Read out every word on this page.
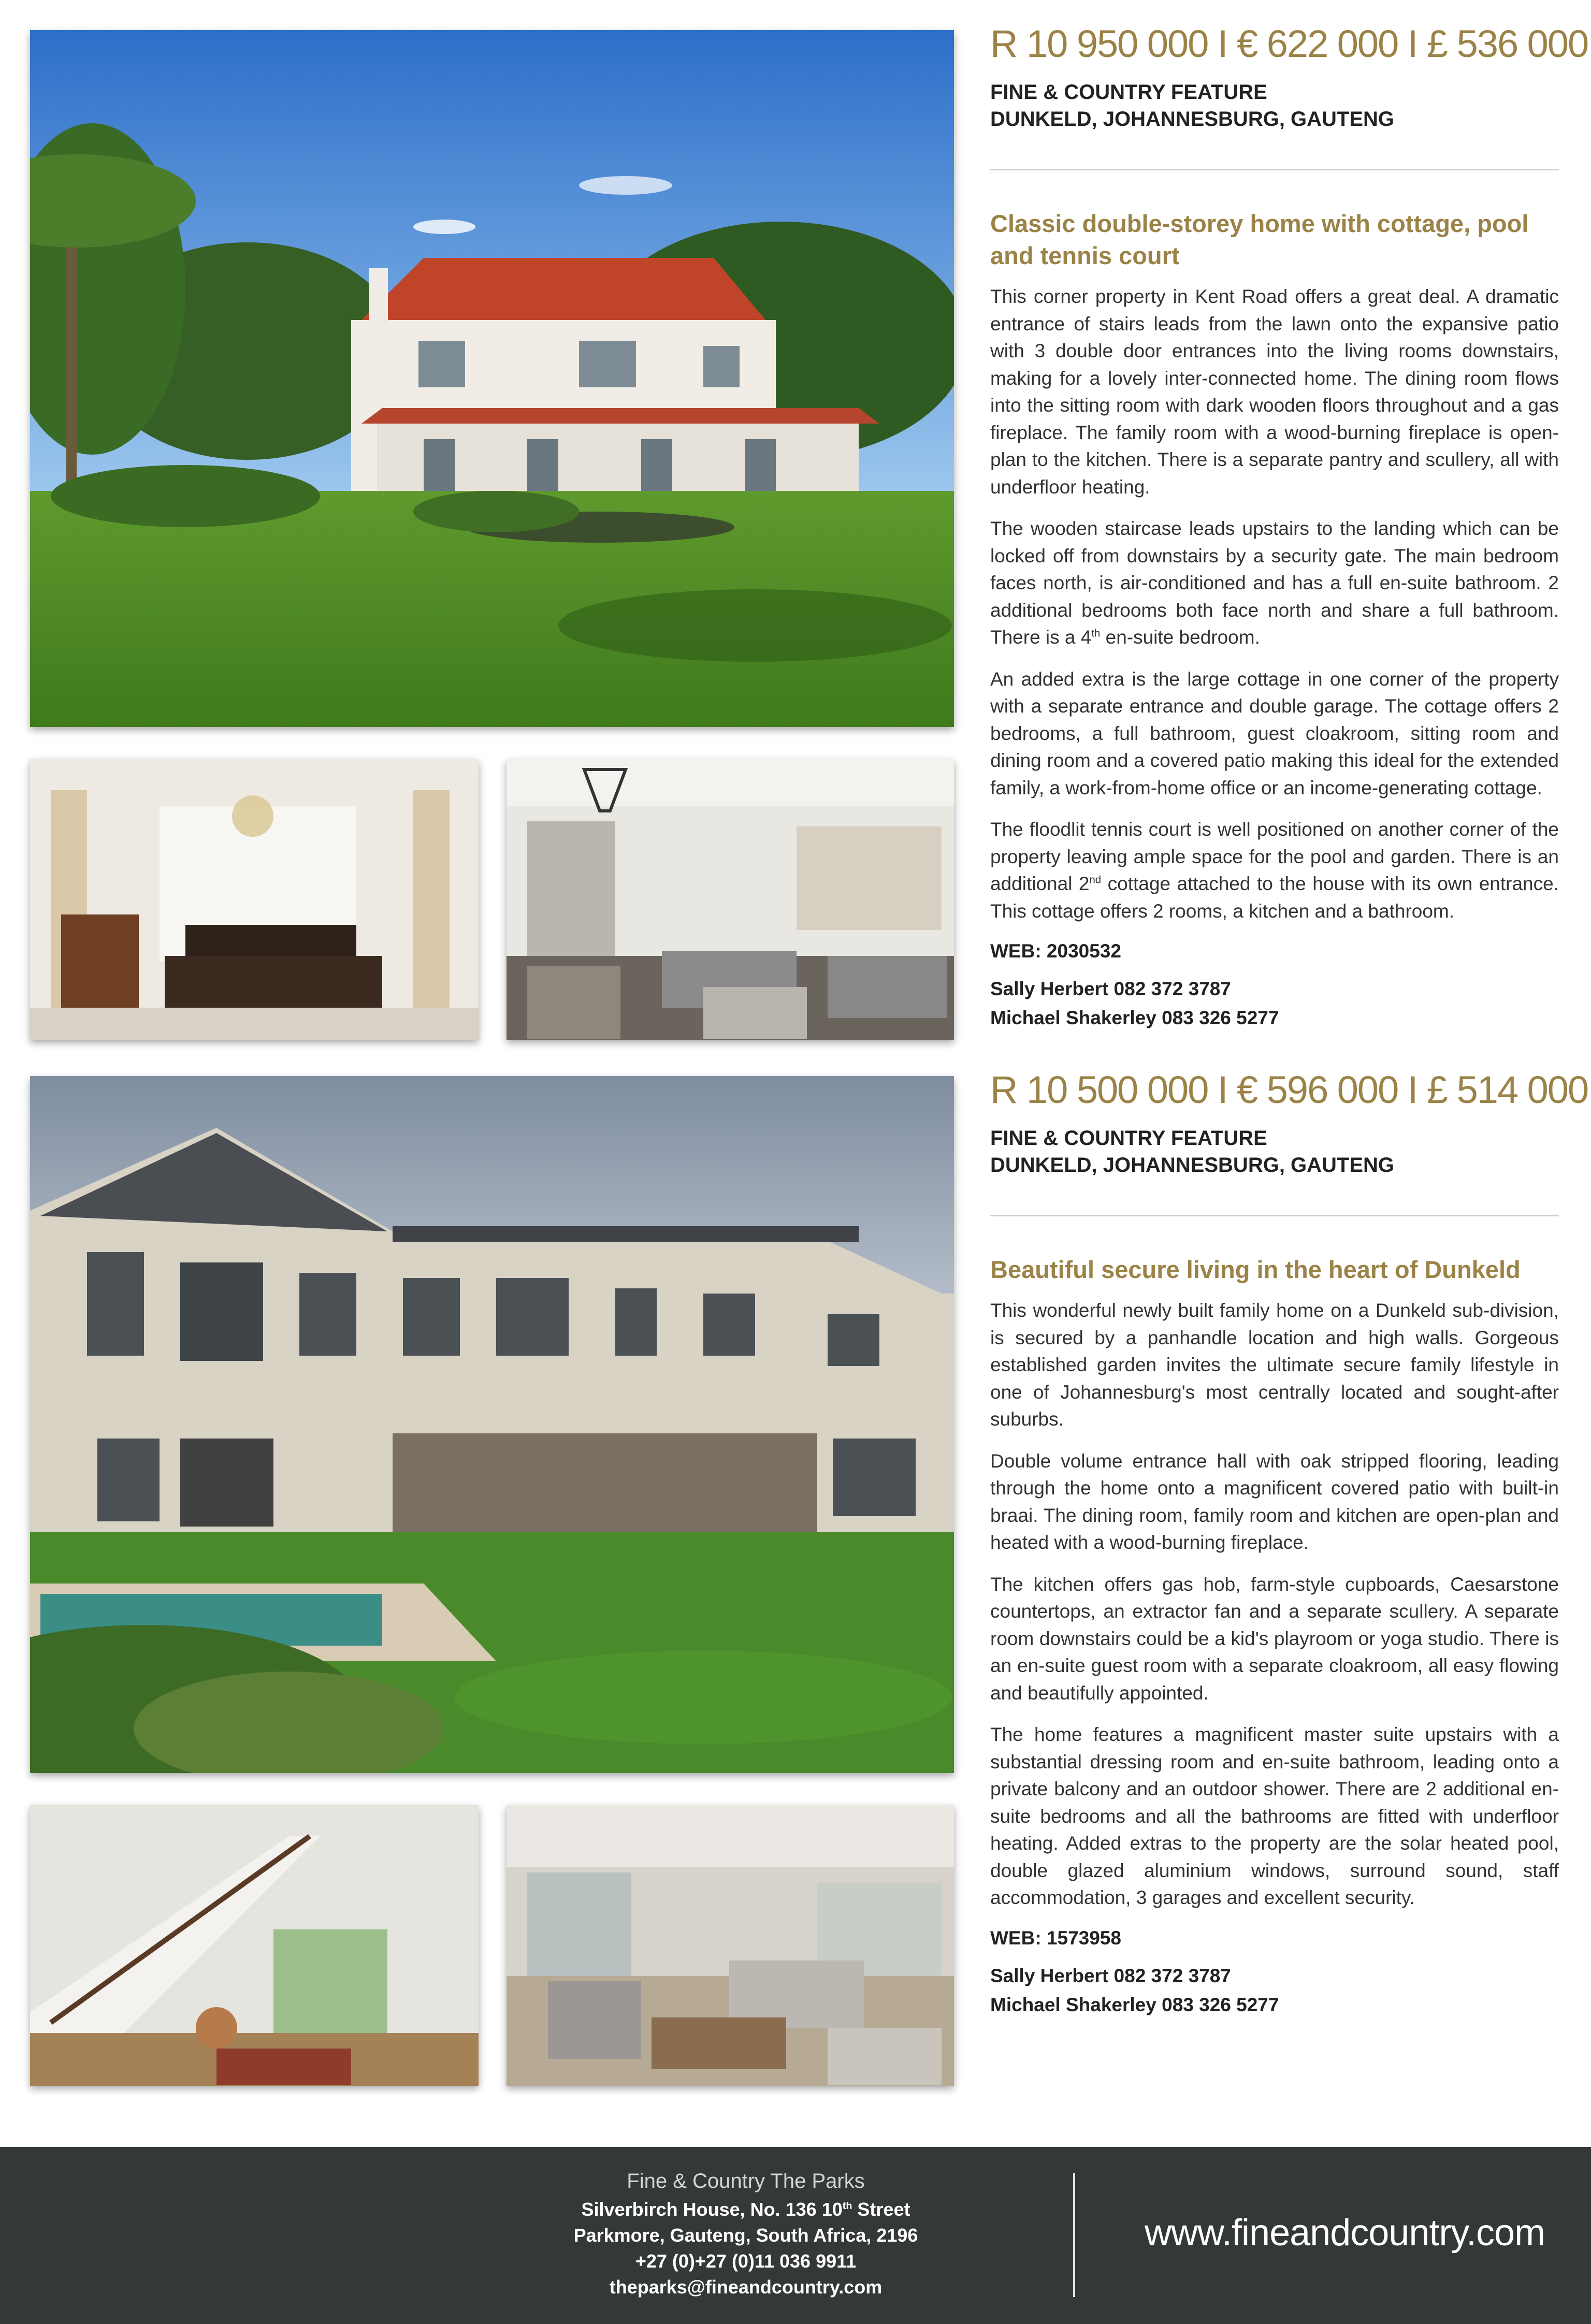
R 10 950 000 I € 622 000 I £ 536 000
FINE & COUNTRY FEATURE
DUNKELD, JOHANNESBURG, GAUTENG
Classic double-storey home with cottage, pool and tennis court
This corner property in Kent Road offers a great deal. A dramatic entrance of stairs leads from the lawn onto the expansive patio with 3 double door entrances into the living rooms downstairs, making for a lovely inter-connected home. The dining room flows into the sitting room with dark wooden floors throughout and a gas fireplace. The family room with a wood-burning fireplace is open-plan to the kitchen. There is a separate pantry and scullery, all with underfloor heating.
The wooden staircase leads upstairs to the landing which can be locked off from downstairs by a security gate. The main bedroom faces north, is air-conditioned and has a full en-suite bathroom. 2 additional bedrooms both face north and share a full bathroom. There is a 4th en-suite bedroom.
An added extra is the large cottage in one corner of the property with a separate entrance and double garage. The cottage offers 2 bedrooms, a full bathroom, guest cloakroom, sitting room and dining room and a covered patio making this ideal for the extended family, a work-from-home office or an income-generating cottage.
The floodlit tennis court is well positioned on another corner of the property leaving ample space for the pool and garden. There is an additional 2nd cottage attached to the house with its own entrance. This cottage offers 2 rooms, a kitchen and a bathroom.
WEB: 2030532
Sally Herbert 082 372 3787
Michael Shakerley 083 326 5277
R 10 500 000 I € 596 000 I £ 514 000
FINE & COUNTRY FEATURE
DUNKELD, JOHANNESBURG, GAUTENG
Beautiful secure living in the heart of Dunkeld
This wonderful newly built family home on a Dunkeld sub-division, is secured by a panhandle location and high walls. Gorgeous established garden invites the ultimate secure family lifestyle in one of Johannesburg's most centrally located and sought-after suburbs.
Double volume entrance hall with oak stripped flooring, leading through the home onto a magnificent covered patio with built-in braai. The dining room, family room and kitchen are open-plan and heated with a wood-burning fireplace.
The kitchen offers gas hob, farm-style cupboards, Caesarstone countertops, an extractor fan and a separate scullery. A separate room downstairs could be a kid's playroom or yoga studio. There is an en-suite guest room with a separate cloakroom, all easy flowing and beautifully appointed.
The home features a magnificent master suite upstairs with a substantial dressing room and en-suite bathroom, leading onto a private balcony and an outdoor shower. There are 2 additional en-suite bedrooms and all the bathrooms are fitted with underfloor heating. Added extras to the property are the solar heated pool, double glazed aluminium windows, surround sound, staff accommodation, 3 garages and excellent security.
WEB: 1573958
Sally Herbert 082 372 3787
Michael Shakerley 083 326 5277
Fine & Country The Parks
Silverbirch House, No. 136 10th Street
Parkmore, Gauteng, South Africa, 2196
+27 (0)+27 (0)11 036 9911
theparks@fineandcountry.com
www.fineandcountry.com
